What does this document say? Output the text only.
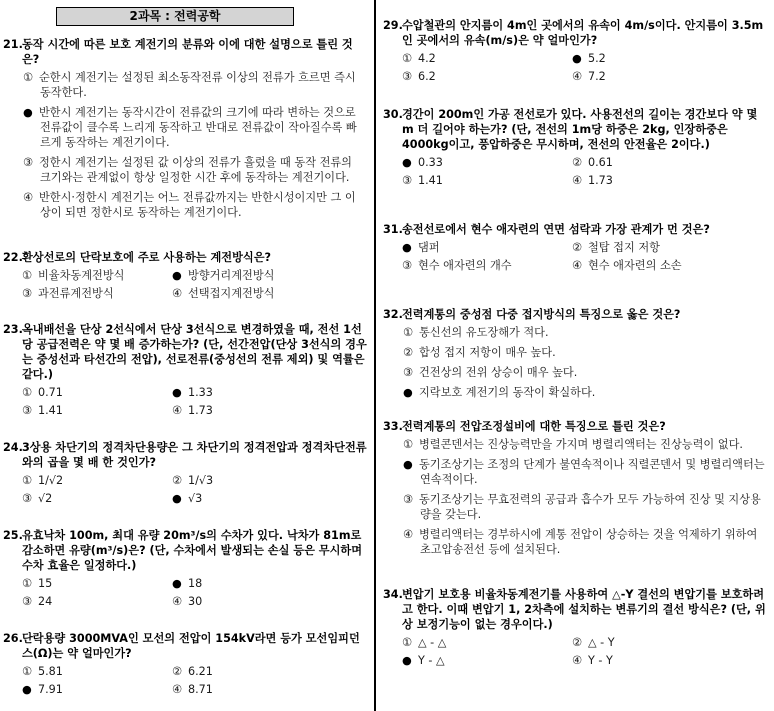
2과목 : 전력공학
21.동작 시간에 따른 보호 계전기의 분류와 이에 대한 설명으로 틀린 것은?
① 순한시 계전기는 설정된 최소동작전류 이상의 전류가 흐르면 즉시 동작한다.
● 반한시 계전기는 동작시간이 전류값의 크기에 따라 변하는 것으로 전류값이 클수록 느리게 동작하고 반대로 전류값이 작아질수록 빠르게 동작하는 계전기이다.
③ 정한시 계전기는 설정된 값 이상의 전류가 흘렀을 때 동작 전류의 크기와는 관계없이 항상 일정한 시간 후에 동작하는 계전기이다.
④ 반한시·정한시 계전기는 어느 전류값까지는 반한시성이지만 그 이상이 되면 정한시로 동작하는 계전기이다.
22.환상선로의 단락보호에 주로 사용하는 계전방식은?
① 비율차동계전방식	● 방향거리계전방식
③ 과전류계전방식	④ 선택접지계전방식
23.옥내배선을 단상 2선식에서 단상 3선식으로 변경하였을 때, 전선 1선당 공급전력은 약 몇 배 증가하는가? (단, 선간전압(단상 3선식의 경우는 중성선과 타선간의 전압), 선로전류(중성선의 전류 제외) 및 역률은 같다.)
① 0.71	● 1.33
③ 1.41	④ 1.73
24.3상용 차단기의 정격차단용량은 그 차단기의 정격전압과 정격차단전류와의 곱을 몇 배 한 것인가?
① 1/√2	② 1/√3
③ √2	● √3
25.유효낙차 100m, 최대 유량 20m³/s의 수차가 있다. 낙차가 81m로 감소하면 유량(m³/s)은? (단, 수차에서 발생되는 손실 등은 무시하며 수차 효율은 일정하다.)
① 15	● 18
③ 24	④ 30
26.단락용량 3000MVA인 모선의 전압이 154kV라면 등가 모선임피던스(Ω)는 약 얼마인가?
① 5.81	② 6.21
● 7.91	④ 8.71
29.수압철관의 안지름이 4m인 곳에서의 유속이 4m/s이다. 안지름이 3.5m인 곳에서의 유속(m/s)은 약 얼마인가?
① 4.2	● 5.2
③ 6.2	④ 7.2
30.경간이 200m인 가공 전선로가 있다. 사용전선의 길이는 경간보다 약 몇 m 더 길어야 하는가? (단, 전선의 1m당 하중은 2kg, 인장하중은 4000kg이고, 풍압하중은 무시하며, 전선의 안전율은 2이다.)
● 0.33	② 0.61
③ 1.41	④ 1.73
31.송전선로에서 현수 애자련의 연면 섬락과 가장 관계가 먼 것은?
● 댐퍼	② 철탑 접지 저항
③ 현수 애자련의 개수	④ 현수 애자련의 소손
32.전력계통의 중성점 다중 접지방식의 특징으로 옳은 것은?
① 통신선의 유도장해가 적다.
② 합성 접지 저항이 매우 높다.
③ 건전상의 전위 상승이 매우 높다.
● 지락보호 계전기의 동작이 확실하다.
33.전력계통의 전압조정설비에 대한 특징으로 틀린 것은?
① 병렬콘덴서는 진상능력만을 가지며 병렬리액터는 진상능력이 없다.
● 동기조상기는 조정의 단계가 불연속적이나 직렬콘덴서 및 병렬리액터는 연속적이다.
③ 동기조상기는 무효전력의 공급과 흡수가 모두 가능하여 진상 및 지상용량을 갖는다.
④ 병렬리액터는 경부하시에 계통 전압이 상승하는 것을 억제하기 위하여 초고압송전선 등에 설치된다.
34.변압기 보호용 비율차동계전기를 사용하여 △-Y 결선의 변압기를 보호하려고 한다. 이때 변압기 1, 2차측에 설치하는 변류기의 결선 방식은? (단, 위상 보정기능이 없는 경우이다.)
① △ - △	② △ - Y
● Y - △	④ Y - Y
